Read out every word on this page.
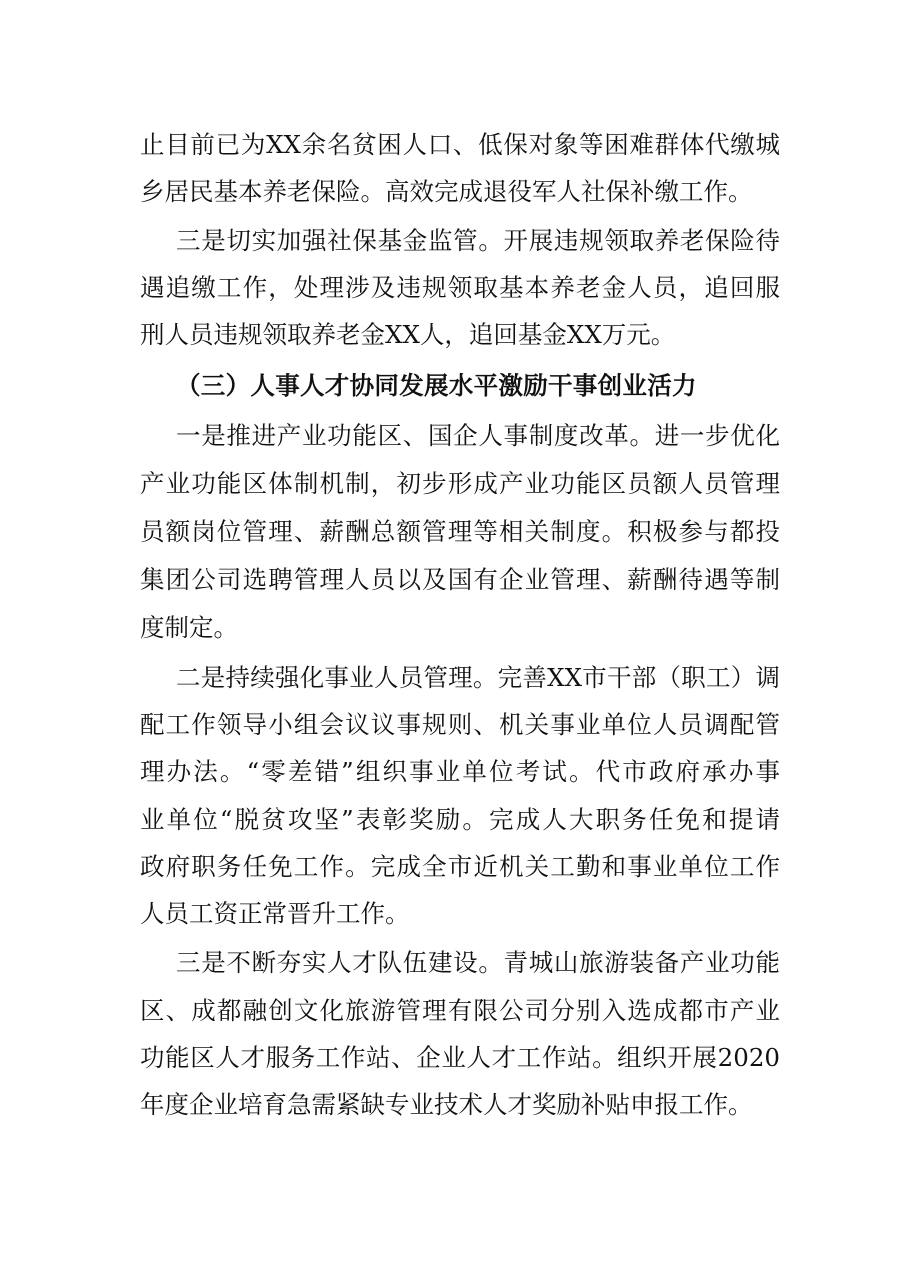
止目前已为XX余名贫困人口、低保对象等困难群体代缴城
乡居民基本养老保险。高效完成退役军人社保补缴工作。
三是切实加强社保基金监管。开展违规领取养老保险待
遇追缴工作，处理涉及违规领取基本养老金人员，追回服
刑人员违规领取养老金XX人，追回基金XX万元。
（三）人事人才协同发展水平激励干事创业活力
一是推进产业功能区、国企人事制度改革。进一步优化
产业功能区体制机制，初步形成产业功能区员额人员管理
员额岗位管理、薪酬总额管理等相关制度。积极参与都投
集团公司选聘管理人员以及国有企业管理、薪酬待遇等制
度制定。
二是持续强化事业人员管理。完善XX市干部（职工）调
配工作领导小组会议议事规则、机关事业单位人员调配管
理办法。“零差错”组织事业单位考试。代市政府承办事
业单位“脱贫攻坚”表彰奖励。完成人大职务任免和提请
政府职务任免工作。完成全市近机关工勤和事业单位工作
人员工资正常晋升工作。
三是不断夯实人才队伍建设。青城山旅游装备产业功能
区、成都融创文化旅游管理有限公司分别入选成都市产业
功能区人才服务工作站、企业人才工作站。组织开展2020
年度企业培育急需紧缺专业技术人才奖励补贴申报工作。
